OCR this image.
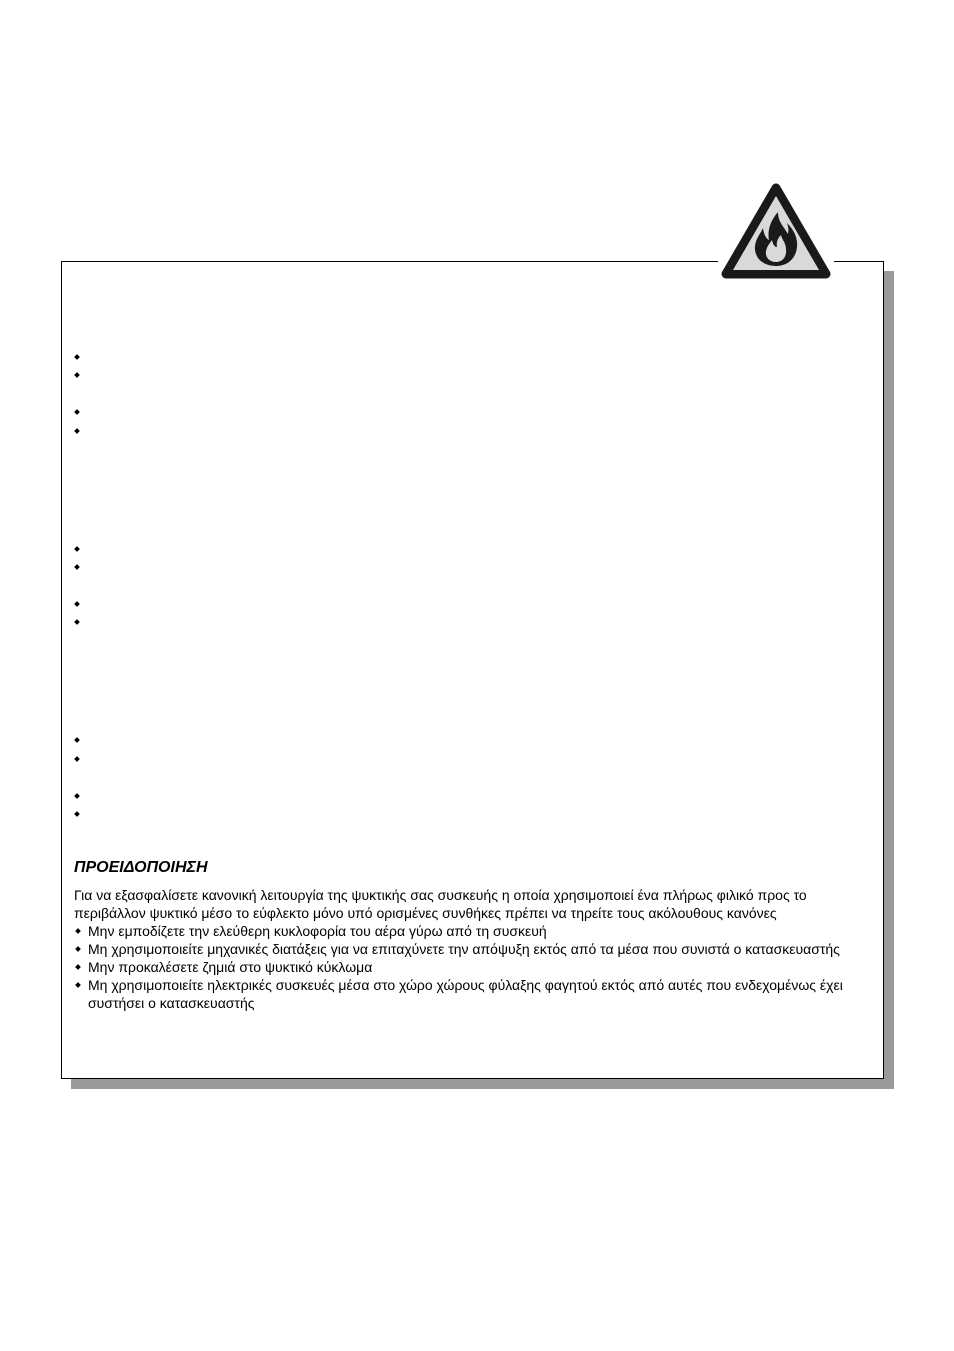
ΠΡΟΕΙΔΟΠΟΙΗΣΗ

Για να εξασφαλίσετε κανονική λειτουργία της ψυκτικής σας συσκευής η οποία χρησιμοποιεί ένα πλήρως φιλικό προς το περιβάλλον ψυκτικό μέσο το εύφλεκτο μόνο υπό ορισμένες συνθήκες πρέπει να τηρείτε τους ακόλουθους κανόνες

Μην εμποδίζετε την ελεύθερη κυκλοφορία του αέρα γύρω από τη συσκευή
Μη χρησιμοποιείτε μηχανικές διατάξεις για να επιταχύνετε την απόψυξη εκτός από τα μέσα που συνιστά ο κατασκευαστής
Μην προκαλέσετε ζημιά στο ψυκτικό κύκλωμα
Μη χρησιμοποιείτε ηλεκτρικές συσκευές μέσα στο χώρο χώρους φύλαξης φαγητού εκτός από αυτές που ενδεχομένως έχει συστήσει ο κατασκευαστής
